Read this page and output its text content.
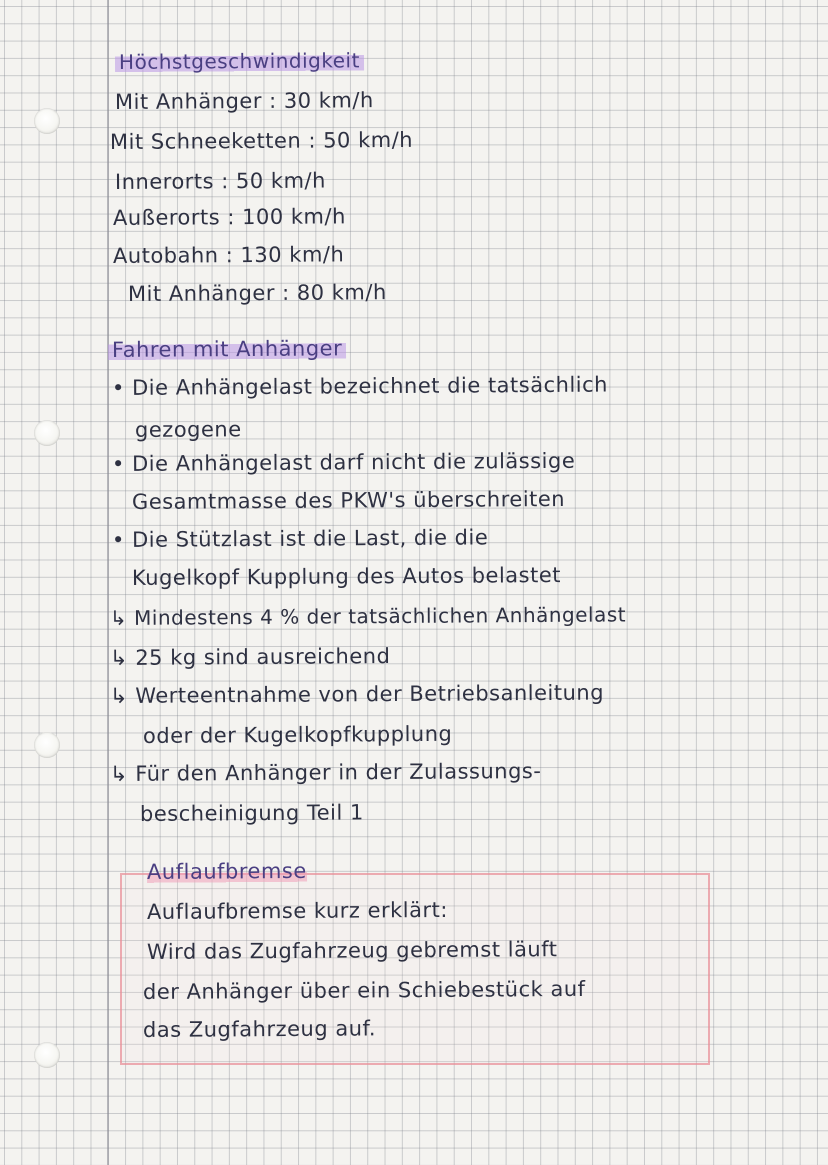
Höchstgeschwindigkeit
Mit Anhänger : 30 km/h
Mit Schneeketten : 50 km/h
Innerorts : 50 km/h
Außerorts : 100 km/h
Autobahn : 130 km/h
Mit Anhänger : 80 km/h
Fahren mit Anhänger
• Die Anhängelast bezeichnet die tatsächlich
gezogene
• Die Anhängelast darf nicht die zulässige
Gesamtmasse des PKW's überschreiten
• Die Stützlast ist die Last, die die
Kugelkopf Kupplung des Autos belastet
↳ Mindestens 4 % der tatsächlichen Anhängelast
↳ 25 kg sind ausreichend
↳ Werteentnahme von der Betriebsanleitung
oder der Kugelkopfkupplung
↳ Für den Anhänger in der Zulassungs-
bescheinigung Teil 1
Auflaufbremse
Auflaufbremse kurz erklärt:
Wird das Zugfahrzeug gebremst läuft
der Anhänger über ein Schiebestück auf
das Zugfahrzeug auf.
